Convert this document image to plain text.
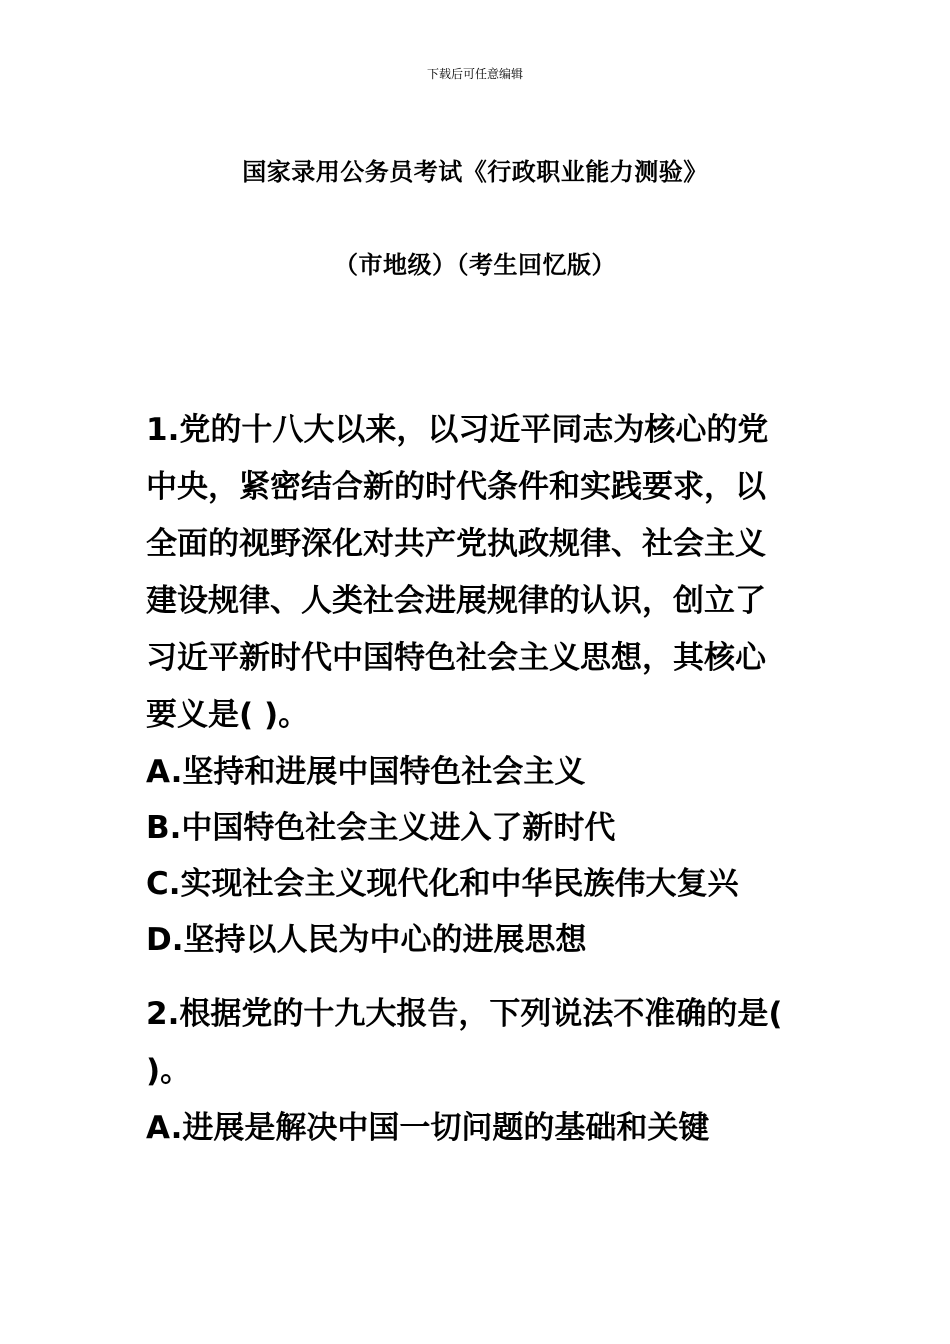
下载后可任意编辑
国家录用公务员考试《行政职业能力测验》
（市地级）（考生回忆版）

1.党的十八大以来，以习近平同志为核心的党中央，紧密结合新的时代条件和实践要求，以全面的视野深化对共产党执政规律、社会主义建设规律、人类社会进展规律的认识，创立了习近平新时代中国特色社会主义思想，其核心要义是( )。

A.坚持和进展中国特色社会主义

B.中国特色社会主义进入了新时代

C.实现社会主义现代化和中华民族伟大复兴

D.坚持以人民为中心的进展思想

2.根据党的十九大报告，下列说法不准确的是( )。

A.进展是解决中国一切问题的基础和关键
